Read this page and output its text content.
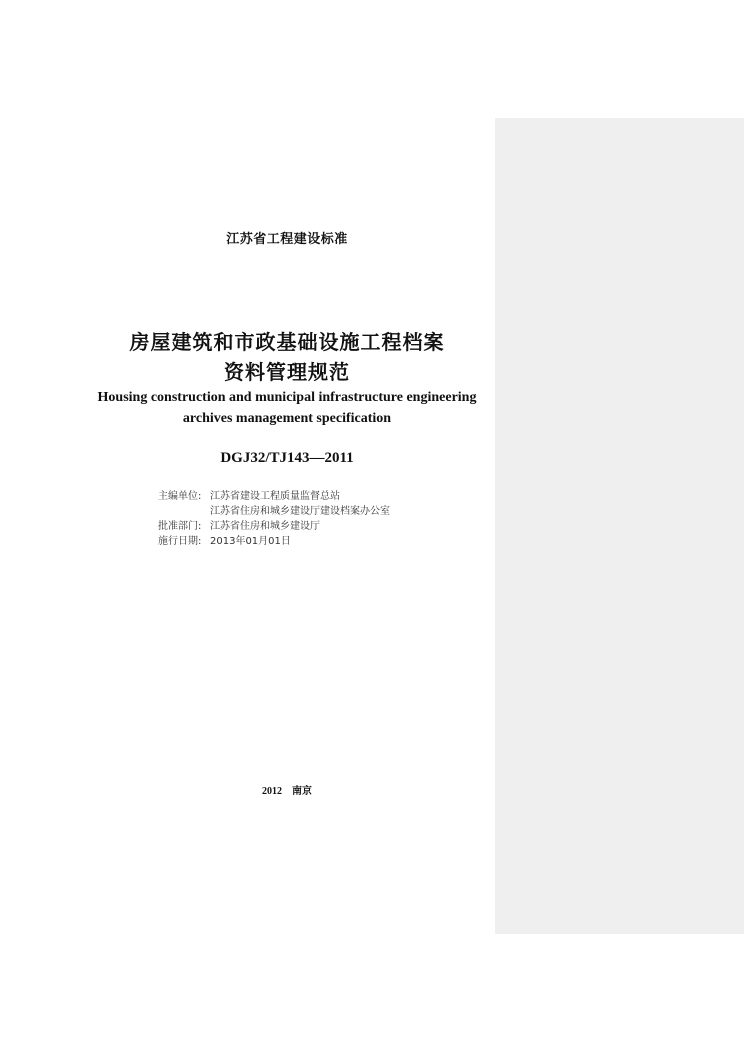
江苏省工程建设标准
房屋建筑和市政基础设施工程档案
资料管理规范
Housing construction and municipal infrastructure engineering
archives management specification
DGJ32/TJ143—2011
主编单位: 江苏省建设工程质量监督总站
江苏省住房和城乡建设厅建设档案办公室
批准部门: 江苏省住房和城乡建设厅
施行日期: 2013年01月01日
2012 南京
